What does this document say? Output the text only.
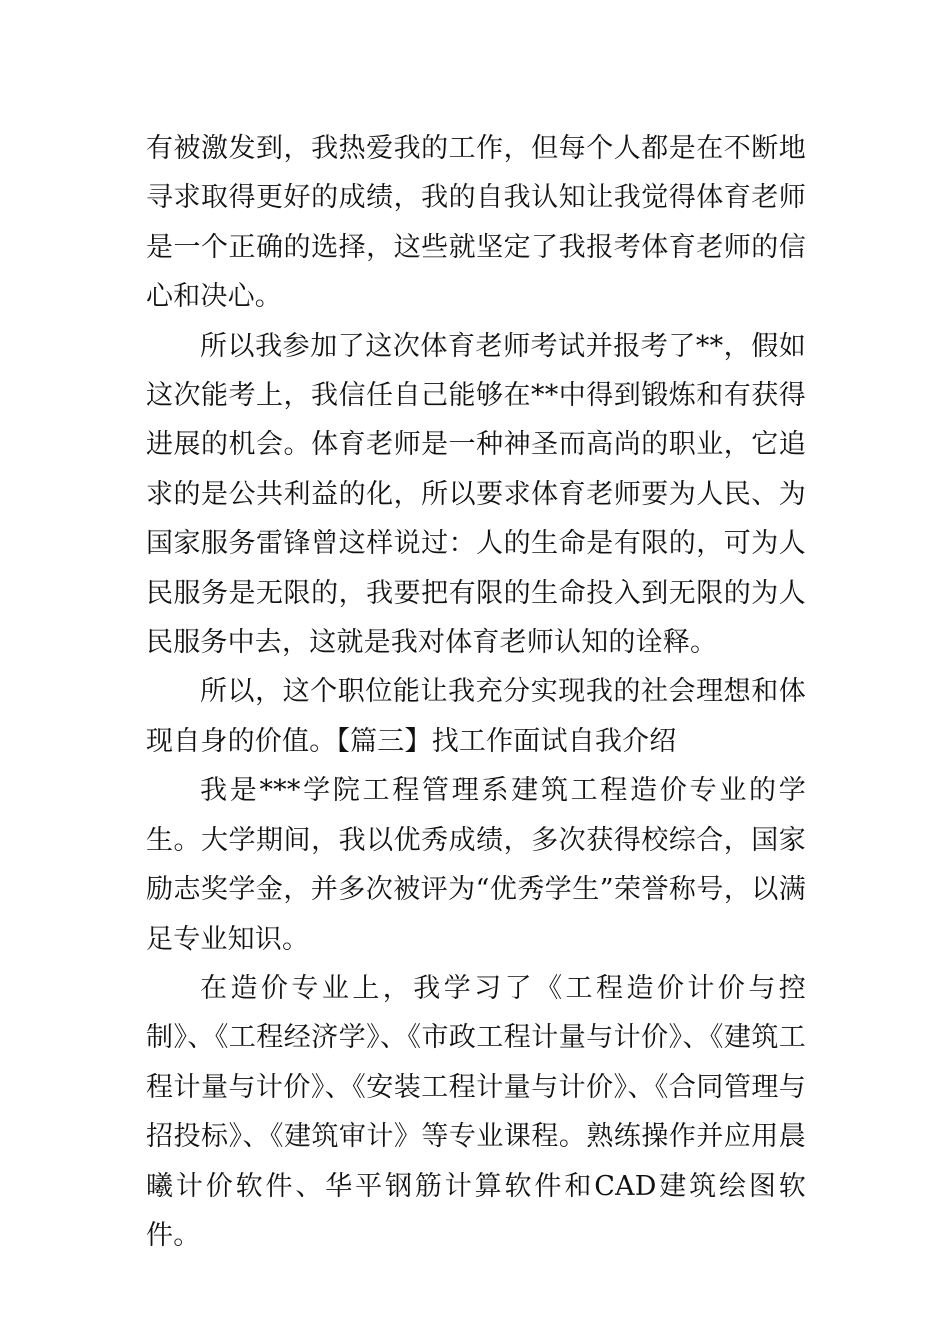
有被激发到，我热爱我的工作，但每个人都是在不断地寻求取得更好的成绩，我的自我认知让我觉得体育老师是一个正确的选择，这些就坚定了我报考体育老师的信心和决心。

所以我参加了这次体育老师考试并报考了**，假如这次能考上，我信任自己能够在**中得到锻炼和有获得进展的机会。体育老师是一种神圣而高尚的职业，它追求的是公共利益的化，所以要求体育老师要为人民、为国家服务雷锋曾这样说过：人的生命是有限的，可为人民服务是无限的，我要把有限的生命投入到无限的为人民服务中去，这就是我对体育老师认知的诠释。

所以，这个职位能让我充分实现我的社会理想和体现自身的价值。【篇三】找工作面试自我介绍

我是***学院工程管理系建筑工程造价专业的学生。大学期间，我以优秀成绩，多次获得校综合，国家励志奖学金，并多次被评为“优秀学生”荣誉称号，以满足专业知识。

在造价专业上，我学习了《工程造价计价与控制》、《工程经济学》、《市政工程计量与计价》、《建筑工程计量与计价》、《安装工程计量与计价》、《合同管理与招投标》、《建筑审计》等专业课程。熟练操作并应用晨曦计价软件、华平钢筋计算软件和CAD建筑绘图软件。
